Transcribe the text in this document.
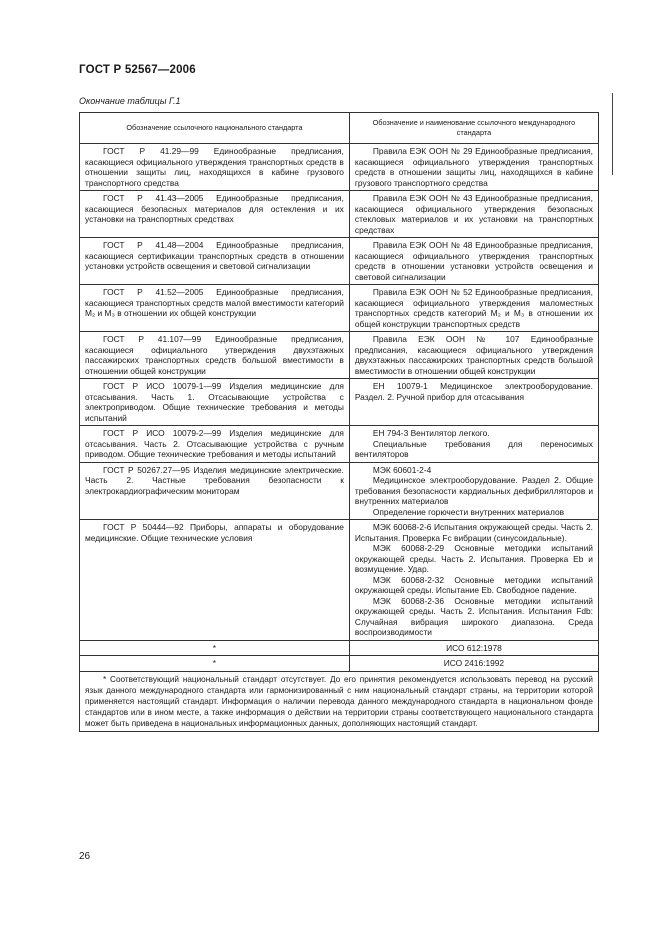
ГОСТ Р 52567—2006
Окончание таблицы Г.1
Обозначение ссылочного национального стандарта	Обозначение и наименование ссылочного международного стандарта
ГОСТ Р 41.29—99 Единообразные предписания, касающиеся официального утверждения транспортных средств в отношении защиты лиц, находящихся в кабине грузового транспортного средства	Правила ЕЭК ООН № 29 Единообразные предписания, касающиеся официального утверждения транспортных средств в отношении защиты лиц, находящихся в кабине грузового транспортного средства

ГОСТ Р 41.43—2005 Единообразные предписания, касающиеся безопасных материалов для остекления и их установки на транспортных средствах	Правила ЕЭК ООН № 43 Единообразные предписания, касающиеся официального утверждения безопасных стекловых материалов и их установки на транспортных средствах

ГОСТ Р 41.48—2004 Единообразные предписания, касающиеся сертификации транспортных средств в отношении установки устройств освещения и световой сигнализации	Правила ЕЭК ООН № 48 Единообразные предписания, касающиеся официального утверждения транспортных средств в отношении установки устройств освещения и световой сигнализации

ГОСТ Р 41.52—2005 Единообразные предписания, касающиеся транспортных средств малой вместимости категорий M₂ и M₃ в отношении их общей конструкции	Правила ЕЭК ООН № 52 Единообразные предписания, касающиеся официального утверждения маломестных транспортных средств категорий M₂ и M₃ в отношении их общей конструкции транспортных средств

ГОСТ Р 41.107—99 Единообразные предписания, касающиеся официального утверждения двухэтажных пассажирских транспортных средств большой вместимости в отношении общей конструкции	Правила ЕЭК ООН № 107 Единообразные предписания, касающиеся официального утверждения двухэтажных пассажирских транспортных средств большой вместимости в отношении общей конструкции

ГОСТ Р ИСО 10079-1—99 Изделия медицинские для отсасывания. Часть 1. Отсасывающие устройства с электроприводом. Общие технические требования и методы испытаний	ЕН 10079-1 Медицинское электрооборудование. Раздел. 2. Ручной прибор для отсасывания

ГОСТ Р ИСО 10079-2—99 Изделия медицинские для отсасывания. Часть 2. Отсасывающие устройства с ручным приводом. Общие технические требования и методы испытаний	ЕН 794-3 Вентилятор легкого.

Специальные требования для переносимых вентиляторов

ГОСТ Р 50267.27—95 Изделия медицинские электрические. Часть 2. Частные требования безопасности к электрокардиографическим мониторам	МЭК 60601-2-4

Медицинское электрооборудование. Раздел 2. Общие требования безопасности кардиальных дефибрилляторов и внутренних материалов

Определение горючести внутренних материалов

ГОСТ Р 50444—92 Приборы, аппараты и оборудование медицинские. Общие технические условия	МЭК 60068-2-6 Испытания окружающей среды. Часть 2. Испытания. Проверка Fc вибрации (синусоидальные).

МЭК 60068-2-29 Основные методики испытаний окружающей среды. Часть 2. Испытания. Проверка Еb и возмущение. Удар.

МЭК 60068-2-32 Основные методики испытаний окружающей среды. Испытание Еb. Свободное падение.

МЭК 60068-2-36 Основные методики испытаний окружающей среды. Часть 2. Испытания. Испытания Fdb: Случайная вибрация широкого диапазона. Среда воспроизводимости

*	ИСО 612:1978
*	ИСО 2416:1992
* Соответствующий национальный стандарт отсутствует. До его принятия рекомендуется использовать перевод на русский язык данного международного стандарта или гармонизированный с ним национальный стандарт страны, на территории которой применяется настоящий стандарт. Информация о наличии перевода данного международного стандарта в национальном фонде стандартов или в ином месте, а также информация о действии на территории страны соответствующего национального стандарта может быть приведена в национальных информационных данных, дополняющих настоящий стандарт.	
26
